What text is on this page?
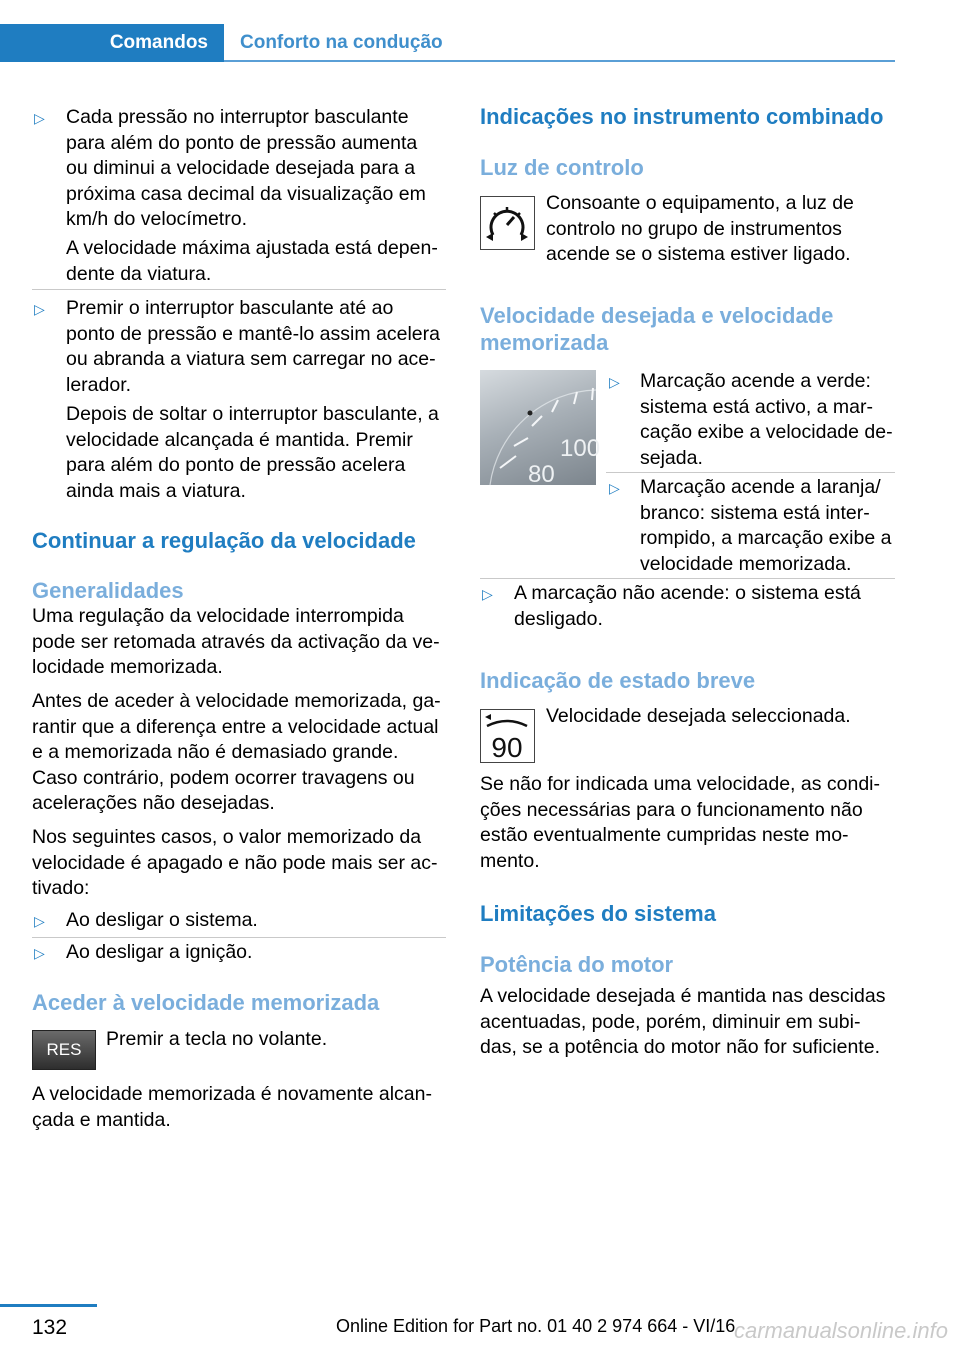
Comandos	Conforto na condução
▷ Cada pressão no interruptor basculante
para além do ponto de pressão aumenta
ou diminui a velocidade desejada para a
próxima casa decimal da visualização em
km/h do velocímetro.
A velocidade máxima ajustada está depen-
dente da viatura.
▷ Premir o interruptor basculante até ao
ponto de pressão e mantê-lo assim acelera
ou abranda a viatura sem carregar no ace-
lerador.
Depois de soltar o interruptor basculante, a
velocidade alcançada é mantida. Premir
para além do ponto de pressão acelera
ainda mais a viatura.
Continuar a regulação da velocidade
Generalidades
Uma regulação da velocidade interrompida
pode ser retomada através da activação da ve-
locidade memorizada.
Antes de aceder à velocidade memorizada, ga-
rantir que a diferença entre a velocidade actual
e a memorizada não é demasiado grande.
Caso contrário, podem ocorrer travagens ou
acelerações não desejadas.
Nos seguintes casos, o valor memorizado da
velocidade é apagado e não pode mais ser ac-
tivado:
▷ Ao desligar o sistema.
▷ Ao desligar a ignição.
Aceder à velocidade memorizada
RES	Premir a tecla no volante.
A velocidade memorizada é novamente alcan-
çada e mantida.
Indicações no instrumento combinado
Luz de controlo
Consoante o equipamento, a luz de
controlo no grupo de instrumentos
acende se o sistema estiver ligado.
Velocidade desejada e velocidade
memorizada
100
80
▷ Marcação acende a verde:
sistema está activo, a mar-
cação exibe a velocidade de-
sejada.
▷ Marcação acende a laranja/
branco: sistema está inter-
rompido, a marcação exibe a
velocidade memorizada.
▷ A marcação não acende: o sistema está
desligado.
Indicação de estado breve
90
Velocidade desejada seleccionada.
Se não for indicada uma velocidade, as condi-
ções necessárias para o funcionamento não
estão eventualmente cumpridas neste mo-
mento.
Limitações do sistema
Potência do motor
A velocidade desejada é mantida nas descidas
acentuadas, pode, porém, diminuir em subi-
das, se a potência do motor não for suficiente.
132	Online Edition for Part no. 01 40 2 974 664 - VI/16
carmanualsonline.info
